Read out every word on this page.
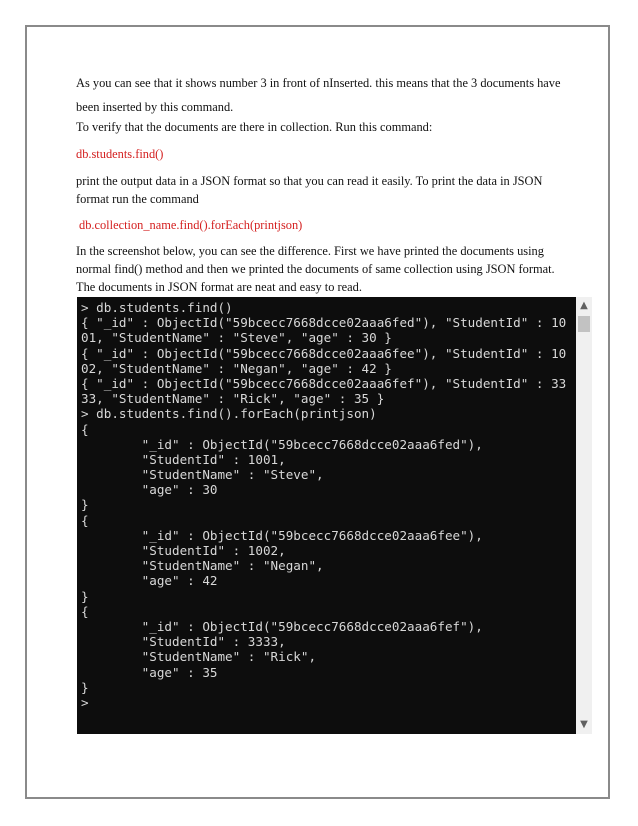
As you can see that it shows number 3 in front of nInserted. this means that the 3 documents have been inserted by this command.
To verify that the documents are there in collection. Run this command:
db.students.find()
print the output data in a JSON format so that you can read it easily. To print the data in JSON format run the command
db.collection_name.find().forEach(printjson)
In the screenshot below, you can see the difference. First we have printed the documents using normal find() method and then we printed the documents of same collection using JSON format. The documents in JSON format are neat and easy to read.
> db.students.find()
{ "_id" : ObjectId("59bcecc7668dcce02aaa6fed"), "StudentId" : 10
01, "StudentName" : "Steve", "age" : 30 }
{ "_id" : ObjectId("59bcecc7668dcce02aaa6fee"), "StudentId" : 10
02, "StudentName" : "Negan", "age" : 42 }
{ "_id" : ObjectId("59bcecc7668dcce02aaa6fef"), "StudentId" : 33
33, "StudentName" : "Rick", "age" : 35 }
> db.students.find().forEach(printjson)
{
"_id" : ObjectId("59bcecc7668dcce02aaa6fed"),
"StudentId" : 1001,
"StudentName" : "Steve",
"age" : 30
}
{
"_id" : ObjectId("59bcecc7668dcce02aaa6fee"),
"StudentId" : 1002,
"StudentName" : "Negan",
"age" : 42
}
{
"_id" : ObjectId("59bcecc7668dcce02aaa6fef"),
"StudentId" : 3333,
"StudentName" : "Rick",
"age" : 35
}
>
▲
▼
